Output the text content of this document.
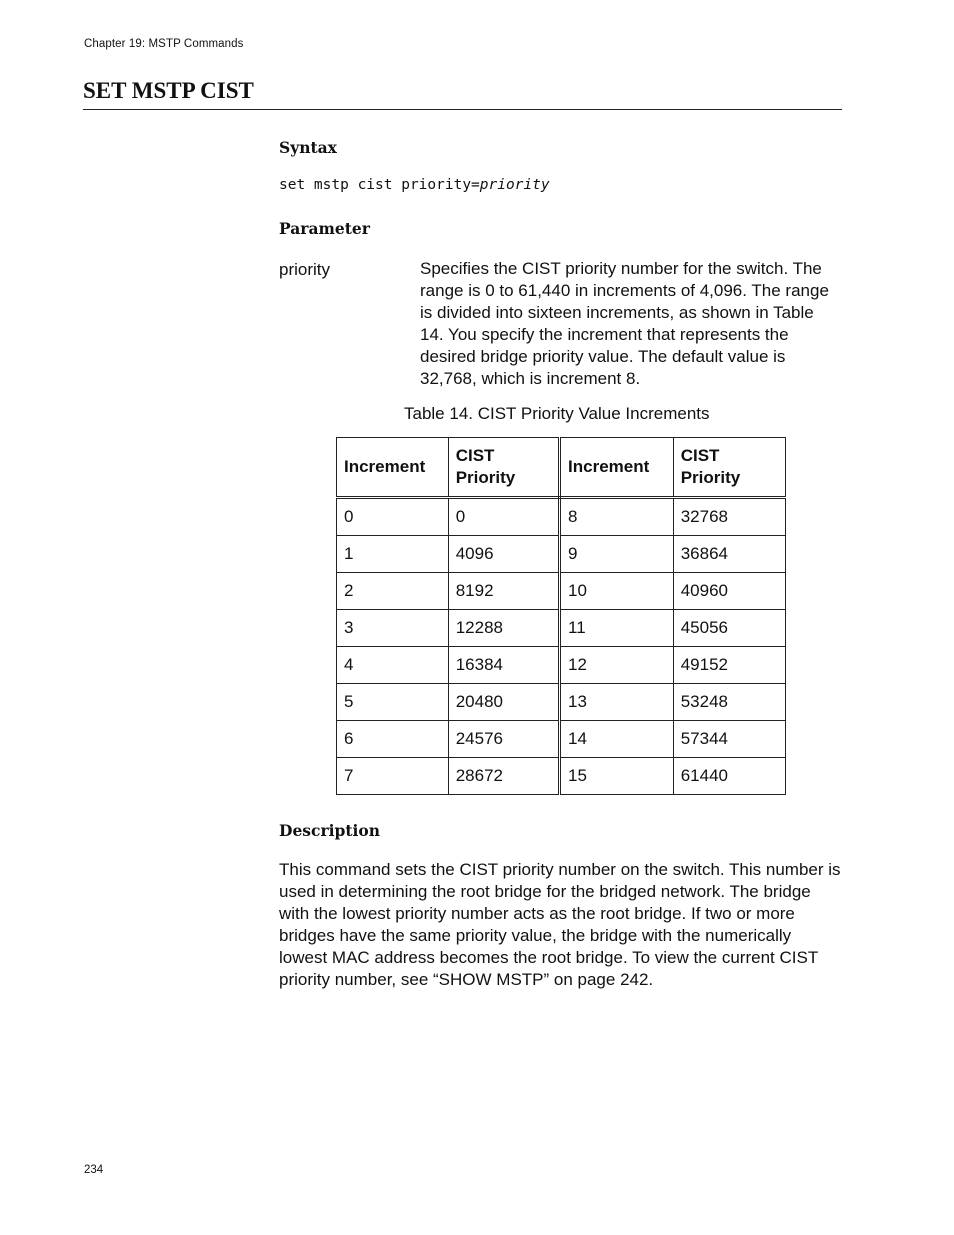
Chapter 19: MSTP Commands
SET MSTP CIST
Syntax
set mstp cist priority=priority
Parameter
priority	Specifies the CIST priority number for the switch. The range is 0 to 61,440 in increments of 4,096. The range is divided into sixteen increments, as shown in Table 14. You specify the increment that represents the desired bridge priority value. The default value is 32,768, which is increment 8.
Table 14. CIST Priority Value Increments
Increment	CIST Priority	Increment	CIST Priority
0	0	8	32768
1	4096	9	36864
2	8192	10	40960
3	12288	11	45056
4	16384	12	49152
5	20480	13	53248
6	24576	14	57344
7	28672	15	61440
Description
This command sets the CIST priority number on the switch. This number is used in determining the root bridge for the bridged network. The bridge with the lowest priority number acts as the root bridge. If two or more bridges have the same priority value, the bridge with the numerically lowest MAC address becomes the root bridge. To view the current CIST priority number, see “SHOW MSTP” on page 242.
234
